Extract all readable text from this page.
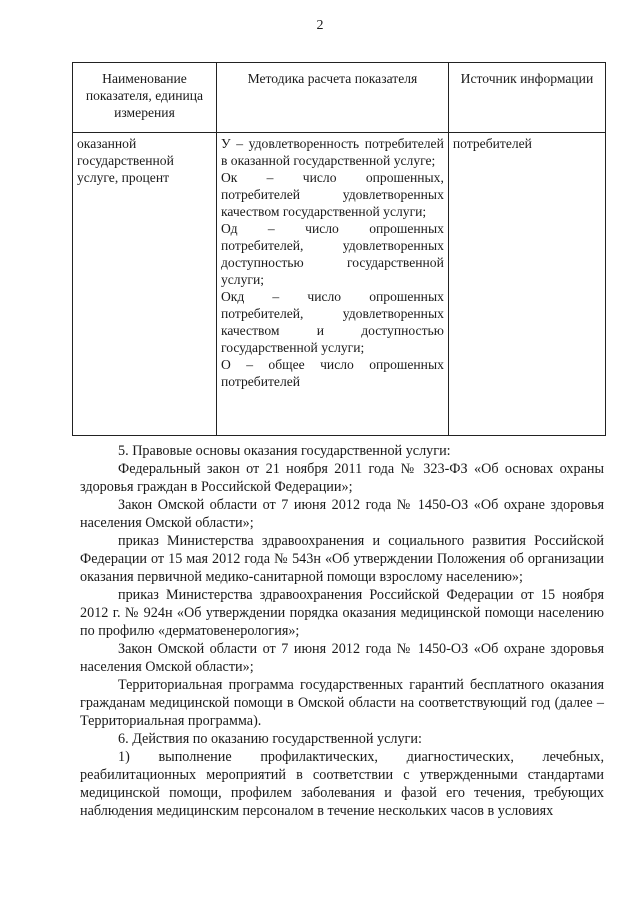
2
Наименование показателя, единица измерения	Методика расчета показателя	Источник информации
оказанной государственной услуге, процент	У – удовлетворенность потребителей в оказанной государственной услуге;
Ок – число опрошенных, потребителей удовлетворенных качеством государственной услуги;
Од – число опрошенных потребителей, удовлетворенных доступностью государственной услуги;
Окд – число опрошенных потребителей, удовлетворенных качеством и доступностью государственной услуги;
О – общее число опрошенных потребителей	потребителей

5. Правовые основы оказания государственной услуги:

Федеральный закон от 21 ноября 2011 года № 323-ФЗ «Об основах охраны здоровья граждан в Российской Федерации»;

Закон Омской области от 7 июня 2012 года № 1450-ОЗ «Об охране здоровья населения Омской области»;

приказ Министерства здравоохранения и социального развития Российской Федерации от 15 мая 2012 года № 543н «Об утверждении Положения об организации оказания первичной медико-санитарной помощи взрослому населению»;

приказ Министерства здравоохранения Российской Федерации от 15 ноября 2012 г. № 924н «Об утверждении порядка оказания медицинской помощи населению по профилю «дерматовенерология»;

Закон Омской области от 7 июня 2012 года № 1450-ОЗ «Об охране здоровья населения Омской области»;

Территориальная программа государственных гарантий бесплатного оказания гражданам медицинской помощи в Омской области на соответствующий год (далее – Территориальная программа).

6. Действия по оказанию государственной услуги:

1) выполнение профилактических, диагностических, лечебных, реабилитационных мероприятий в соответствии с утвержденными стандартами медицинской помощи, профилем заболевания и фазой его течения, требующих наблюдения медицинским персоналом в течение нескольких часов в условиях
